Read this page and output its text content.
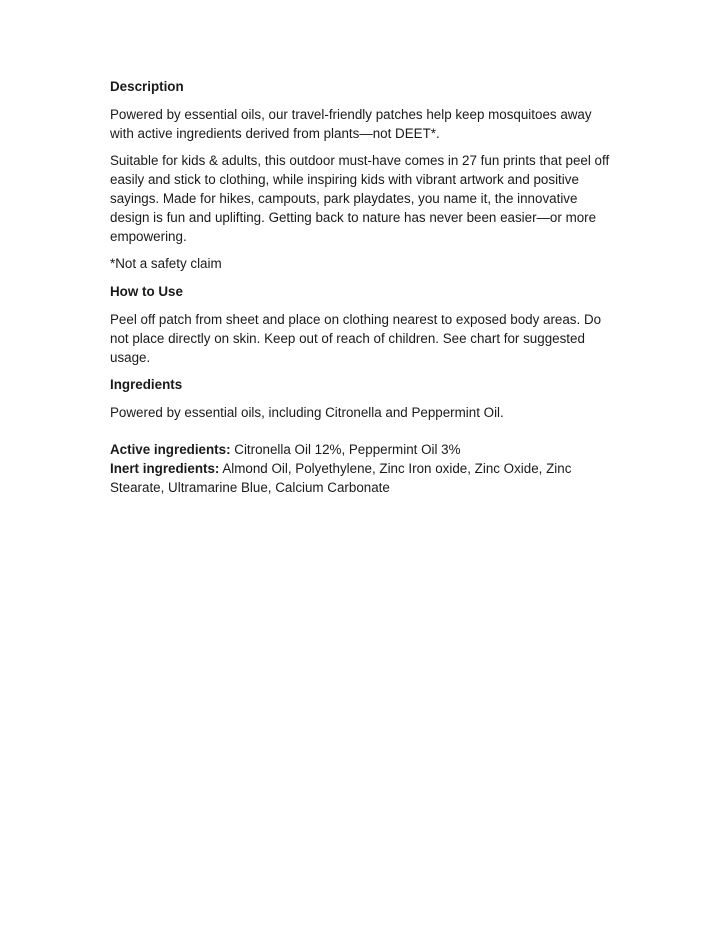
Description
Powered by essential oils, our travel-friendly patches help keep mosquitoes away with active ingredients derived from plants—not DEET*.
Suitable for kids & adults, this outdoor must-have comes in 27 fun prints that peel off easily and stick to clothing, while inspiring kids with vibrant artwork and positive sayings. Made for hikes, campouts, park playdates, you name it, the innovative design is fun and uplifting. Getting back to nature has never been easier—or more empowering.
*Not a safety claim
How to Use
Peel off patch from sheet and place on clothing nearest to exposed body areas. Do not place directly on skin. Keep out of reach of children. See chart for suggested usage.
Ingredients
Powered by essential oils, including Citronella and Peppermint Oil.
Active ingredients: Citronella Oil 12%, Peppermint Oil 3%
Inert ingredients: Almond Oil, Polyethylene, Zinc Iron oxide, Zinc Oxide, Zinc Stearate, Ultramarine Blue, Calcium Carbonate
